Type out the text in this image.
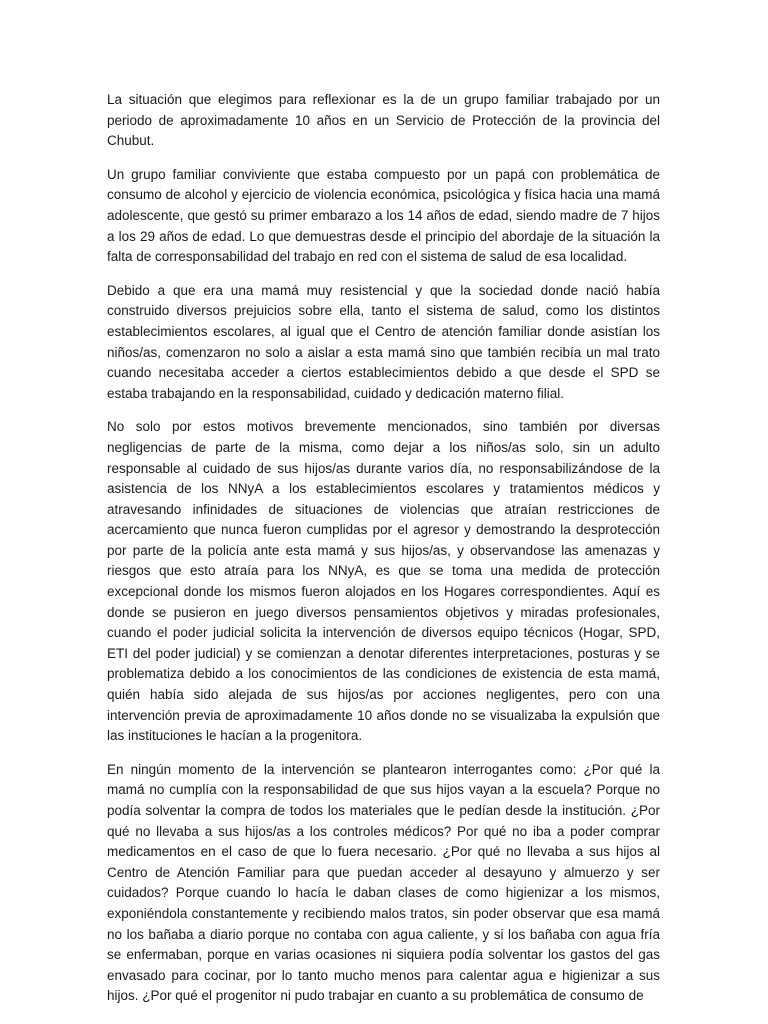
La situación que elegimos para reflexionar es la de un grupo familiar trabajado por un periodo de aproximadamente 10 años en un Servicio de Protección de la provincia del Chubut.

Un grupo familiar conviviente que estaba compuesto por un papá con problemática de consumo de alcohol y ejercicio de violencia económica, psicológica y física hacia una mamá adolescente, que gestó su primer embarazo a los 14 años de edad, siendo madre de 7 hijos a los 29 años de edad. Lo que demuestras desde el principio del abordaje de la situación la falta de corresponsabilidad del trabajo en red con el sistema de salud de esa localidad.

Debido a que era una mamá muy resistencial y que la sociedad donde nació había construido diversos prejuicios sobre ella, tanto el sistema de salud, como los distintos establecimientos escolares, al igual que el Centro de atención familiar donde asistían los niños/as, comenzaron no solo a aislar a esta mamá sino que también recibía un mal trato cuando necesitaba acceder a ciertos establecimientos debido a que desde el SPD se estaba trabajando en la responsabilidad, cuidado y dedicación materno filial.

No solo por estos motivos brevemente mencionados, sino también por diversas negligencias de parte de la misma, como dejar a los niños/as solo, sin un adulto responsable al cuidado de sus hijos/as durante varios día, no responsabilizándose de la asistencia de los NNyA a los establecimientos escolares y tratamientos médicos y atravesando infinidades de situaciones de violencias que atraían restricciones de acercamiento que nunca fueron cumplidas por el agresor y demostrando la desprotección por parte de la policía ante esta mamá y sus hijos/as, y observandose las amenazas y riesgos que esto atraía para los NNyA, es que se toma una medida de protección excepcional donde los mismos fueron alojados en los Hogares correspondientes. Aquí es donde se pusieron en juego diversos pensamientos objetivos y miradas profesionales, cuando el poder judicial solicita la intervención de diversos equipo técnicos (Hogar, SPD, ETI del poder judicial) y se comienzan a denotar diferentes interpretaciones, posturas y se problematiza debido a los conocimientos de las condiciones de existencia de esta mamá, quién había sido alejada de sus hijos/as por acciones negligentes, pero con una intervención previa de aproximadamente 10 años donde no se visualizaba la expulsión que las instituciones le hacían a la progenitora.

En ningún momento de la intervención se plantearon interrogantes como: ¿Por qué la mamá no cumplía con la responsabilidad de que sus hijos vayan a la escuela? Porque no podía solventar la compra de todos los materiales que le pedían desde la institución. ¿Por qué no llevaba a sus hijos/as a los controles médicos? Por qué no iba a poder comprar medicamentos en el caso de que lo fuera necesario. ¿Por qué no llevaba a sus hijos al Centro de Atención Familiar para que puedan acceder al desayuno y almuerzo y ser cuidados? Porque cuando lo hacía le daban clases de como higienizar a los mismos, exponiéndola constantemente y recibiendo malos tratos, sin poder observar que esa mamá no los bañaba a diario porque no contaba con agua caliente, y si los bañaba con agua fría se enfermaban, porque en varias ocasiones ni siquiera podía solventar los gastos del gas envasado para cocinar, por lo tanto mucho menos para calentar agua e higienizar a sus hijos. ¿Por qué el progenitor ni pudo trabajar en cuanto a su problemática de consumo de
